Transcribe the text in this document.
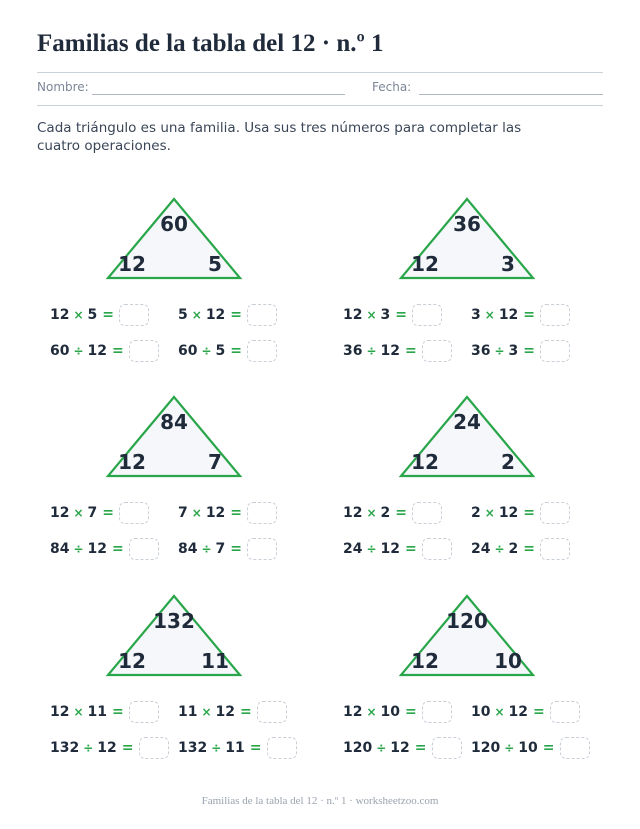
Familias de la tabla del 12 · n.º 1
Nombre:	Fecha:

Cada triángulo es una familia. Usa sus tres números para completar las cuatro operaciones.

60
12	5
12 × 5 =	5 × 12 =
60 ÷ 12 =	60 ÷ 5 =
36
12	3
12 × 3 =	3 × 12 =
36 ÷ 12 =	36 ÷ 3 =
84
12	7
12 × 7 =	7 × 12 =
84 ÷ 12 =	84 ÷ 7 =
24
12	2
12 × 2 =	2 × 12 =
24 ÷ 12 =	24 ÷ 2 =
132
12	11
12 × 11 =	11 × 12 =
132 ÷ 12 =	132 ÷ 11 =
120
12	10
12 × 10 =	10 × 12 =
120 ÷ 12 =	120 ÷ 10 =
Familias de la tabla del 12 · n.º 1 · worksheetzoo.com
